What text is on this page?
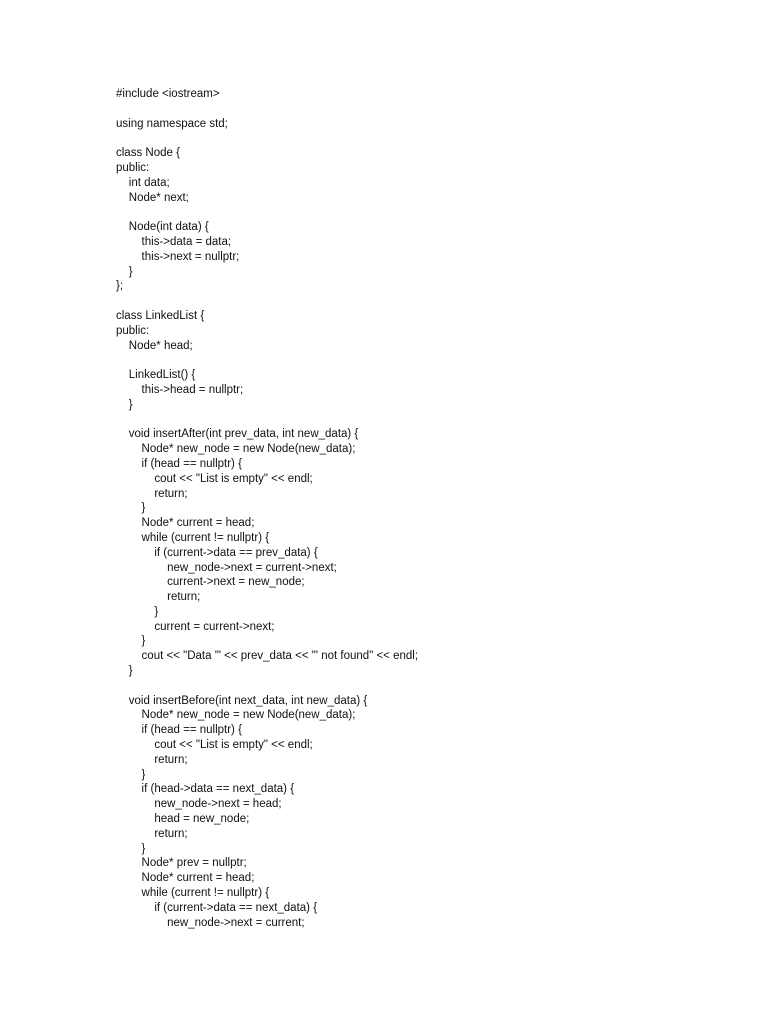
#include <iostream>
using namespace std;
class Node {
public:
int data;
Node* next;
Node(int data) {
this->data = data;
this->next = nullptr;
}
};
class LinkedList {
public:
Node* head;
LinkedList() {
this->head = nullptr;
}
void insertAfter(int prev_data, int new_data) {
Node* new_node = new Node(new_data);
if (head == nullptr) {
cout << "List is empty" << endl;
return;
}
Node* current = head;
while (current != nullptr) {
if (current->data == prev_data) {
new_node->next = current->next;
current->next = new_node;
return;
}
current = current->next;
}
cout << "Data '" << prev_data << "' not found" << endl;
}
void insertBefore(int next_data, int new_data) {
Node* new_node = new Node(new_data);
if (head == nullptr) {
cout << "List is empty" << endl;
return;
}
if (head->data == next_data) {
new_node->next = head;
head = new_node;
return;
}
Node* prev = nullptr;
Node* current = head;
while (current != nullptr) {
if (current->data == next_data) {
new_node->next = current;
